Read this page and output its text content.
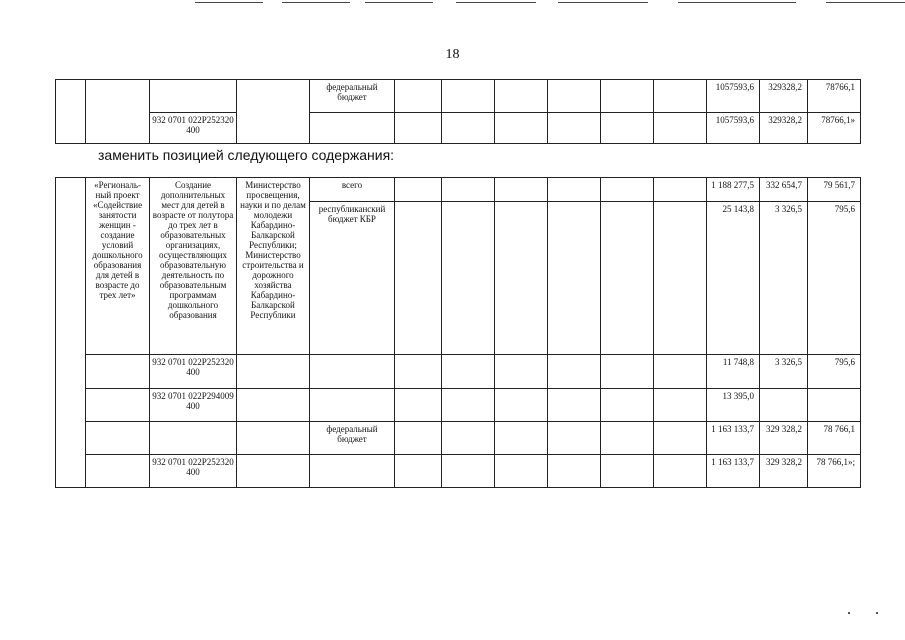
18
				федеральный бюджет							1057593,6	329328,2	78766,1
		932 0701 022P252320 400									1057593,6	329328,2	78766,1»
заменить позицией следующего содержания:
	«Региональ-ный проект «Содействие занятости женщин - создание условий дошкольного образования для детей в возрасте до трех лет»	Создание дополнительных мест для детей в возрасте от полутора до трех лет в образовательных организациях, осуществляющих образовательную деятельность по образовательным программам дошкольного образования	Министерство просвещения, науки и по делам молодежи Кабардино-Балкарской Республики; Министерство строительства и дорожного хозяйства Кабардино-Балкарской Республики	всего							1 188 277,5	332 654,7	79 561,7
				республиканский бюджет КБР							25 143,8	3 326,5	795,6
		932 0701 022P252320 400									11 748,8	3 326,5	795,6
		932 0701 022P294009 400									13 395,0		
				федеральный бюджет							1 163 133,7	329 328,2	78 766,1
		932 0701 022P252320 400									1 163 133,7	329 328,2	78 766,1»;
